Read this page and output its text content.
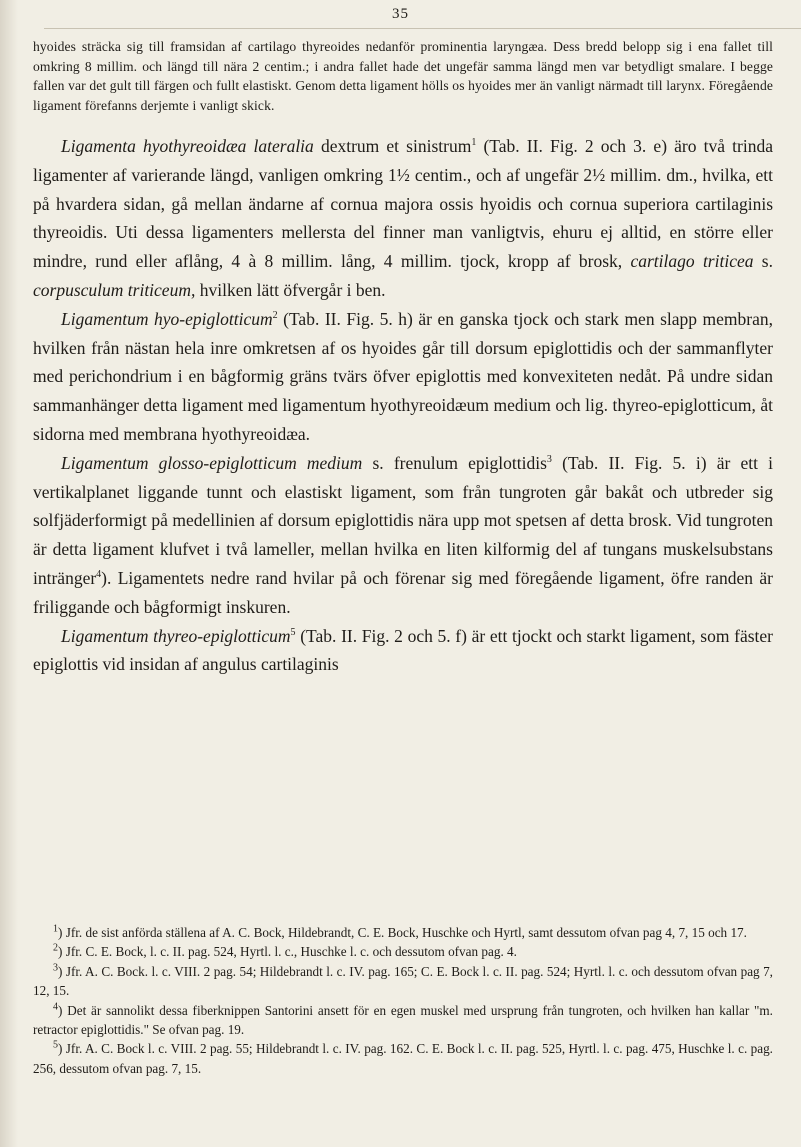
35

hyoides sträcka sig till framsidan af cartilago thyreoides nedanför prominentia laryngæa. Dess bredd belopp sig i ena fallet till omkring 8 millim. och längd till nära 2 centim.; i andra fallet hade det ungefär samma längd men var betydligt smalare. I begge fallen var det gult till färgen och fullt elastiskt. Genom detta ligament hölls os hyoides mer än vanligt närmadt till larynx. Föregående ligament förefanns derjemte i vanligt skick.

Ligamenta hyothyreoidæa lateralia dextrum et sinistrum$^1$ (Tab. II. Fig. 2 och 3. e) äro två trinda ligamenter af varierande längd, vanligen omkring 1½ centim., och af ungefär 2½ millim. dm., hvilka, ett på hvardera sidan, gå mellan ändarne af cornua majora ossis hyoidis och cornua superiora cartilaginis thyreoidis. Uti dessa ligamenters mellersta del finner man vanligtvis, ehuru ej alltid, en större eller mindre, rund eller aflång, 4 à 8 millim. lång, 4 millim. tjock, kropp af brosk, cartilago triticea s. corpusculum triticeum, hvilken lätt öfvergår i ben.

Ligamentum hyo-epiglotticum$^2$ (Tab. II. Fig. 5. h) är en ganska tjock och stark men slapp membran, hvilken från nästan hela inre omkretsen af os hyoides går till dorsum epiglottidis och der sammanflyter med perichondrium i en bågformig gräns tvärs öfver epiglottis med konvexiteten nedåt. På undre sidan sammanhänger detta ligament med ligamentum hyothyreoidæum medium och lig. thyreo-epiglotticum, åt sidorna med membrana hyothyreoidæa.

Ligamentum glosso-epiglotticum medium s. frenulum epiglottidis$^3$ (Tab. II. Fig. 5. i) är ett i vertikalplanet liggande tunnt och elastiskt ligament, som från tungroten går bakåt och utbreder sig solfjäderformigt på medellinien af dorsum epiglottidis nära upp mot spetsen af detta brosk. Vid tungroten är detta ligament klufvet i två lameller, mellan hvilka en liten kilformig del af tungans muskelsubstans intränger$^4$). Ligamentets nedre rand hvilar på och förenar sig med föregående ligament, öfre randen är friliggande och bågformigt inskuren.

Ligamentum thyreo-epiglotticum$^5$ (Tab. II. Fig. 2 och 5. f) är ett tjockt och starkt ligament, som fäster epiglottis vid insidan af angulus cartilaginis

$^1$) Jfr. de sist anförda ställena af A. C. Bock, Hildebrandt, C. E. Bock, Huschke och Hyrtl, samt dessutom ofvan pag 4, 7, 15 och 17.

$^2$) Jfr. C. E. Bock, l. c. II. pag. 524, Hyrtl. l. c., Huschke l. c. och dessutom ofvan pag. 4.

$^3$) Jfr. A. C. Bock. l. c. VIII. 2 pag. 54; Hildebrandt l. c. IV. pag. 165; C. E. Bock l. c. II. pag. 524; Hyrtl. l. c. och dessutom ofvan pag 7, 12, 15.

$^4$) Det är sannolikt dessa fiberknippen Santorini ansett för en egen muskel med ursprung från tungroten, och hvilken han kallar "m. retractor epiglottidis." Se ofvan pag. 19.

$^5$) Jfr. A. C. Bock l. c. VIII. 2 pag. 55; Hildebrandt l. c. IV. pag. 162. C. E. Bock l. c. II. pag. 525, Hyrtl. l. c. pag. 475, Huschke l. c. pag. 256, dessutom ofvan pag. 7, 15.
